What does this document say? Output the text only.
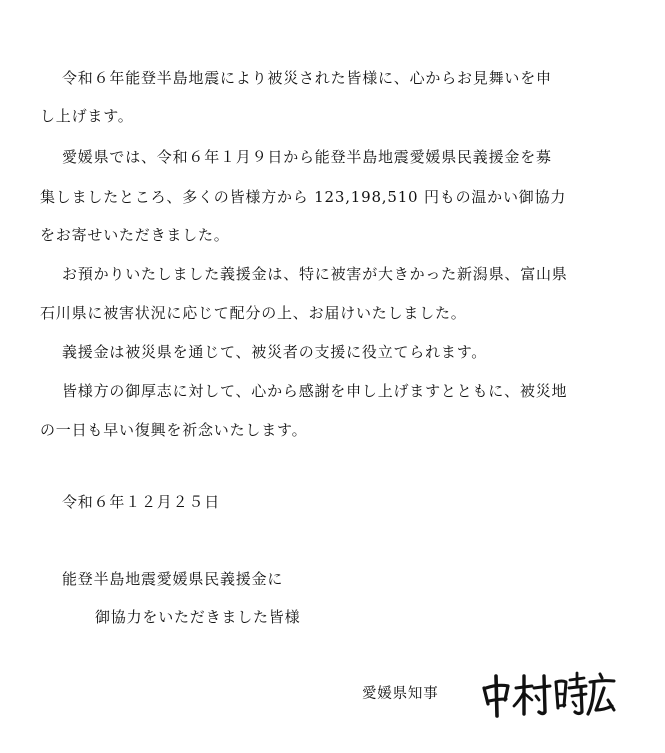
令和６年能登半島地震により被災された皆様に、心からお見舞いを申
し上げます。
愛媛県では、令和６年１月９日から能登半島地震愛媛県民義援金を募
集しましたところ、多くの皆様方から 123,198,510 円もの温かい御協力
をお寄せいただきました。
お預かりいたしました義援金は、特に被害が大きかった新潟県、富山県
石川県に被害状況に応じて配分の上、お届けいたしました。
義援金は被災県を通じて、被災者の支援に役立てられます。
皆様方の御厚志に対して、心から感謝を申し上げますとともに、被災地
の一日も早い復興を祈念いたします。
令和６年１２月２５日
能登半島地震愛媛県民義援金に
御協力をいただきました皆様
愛媛県知事
